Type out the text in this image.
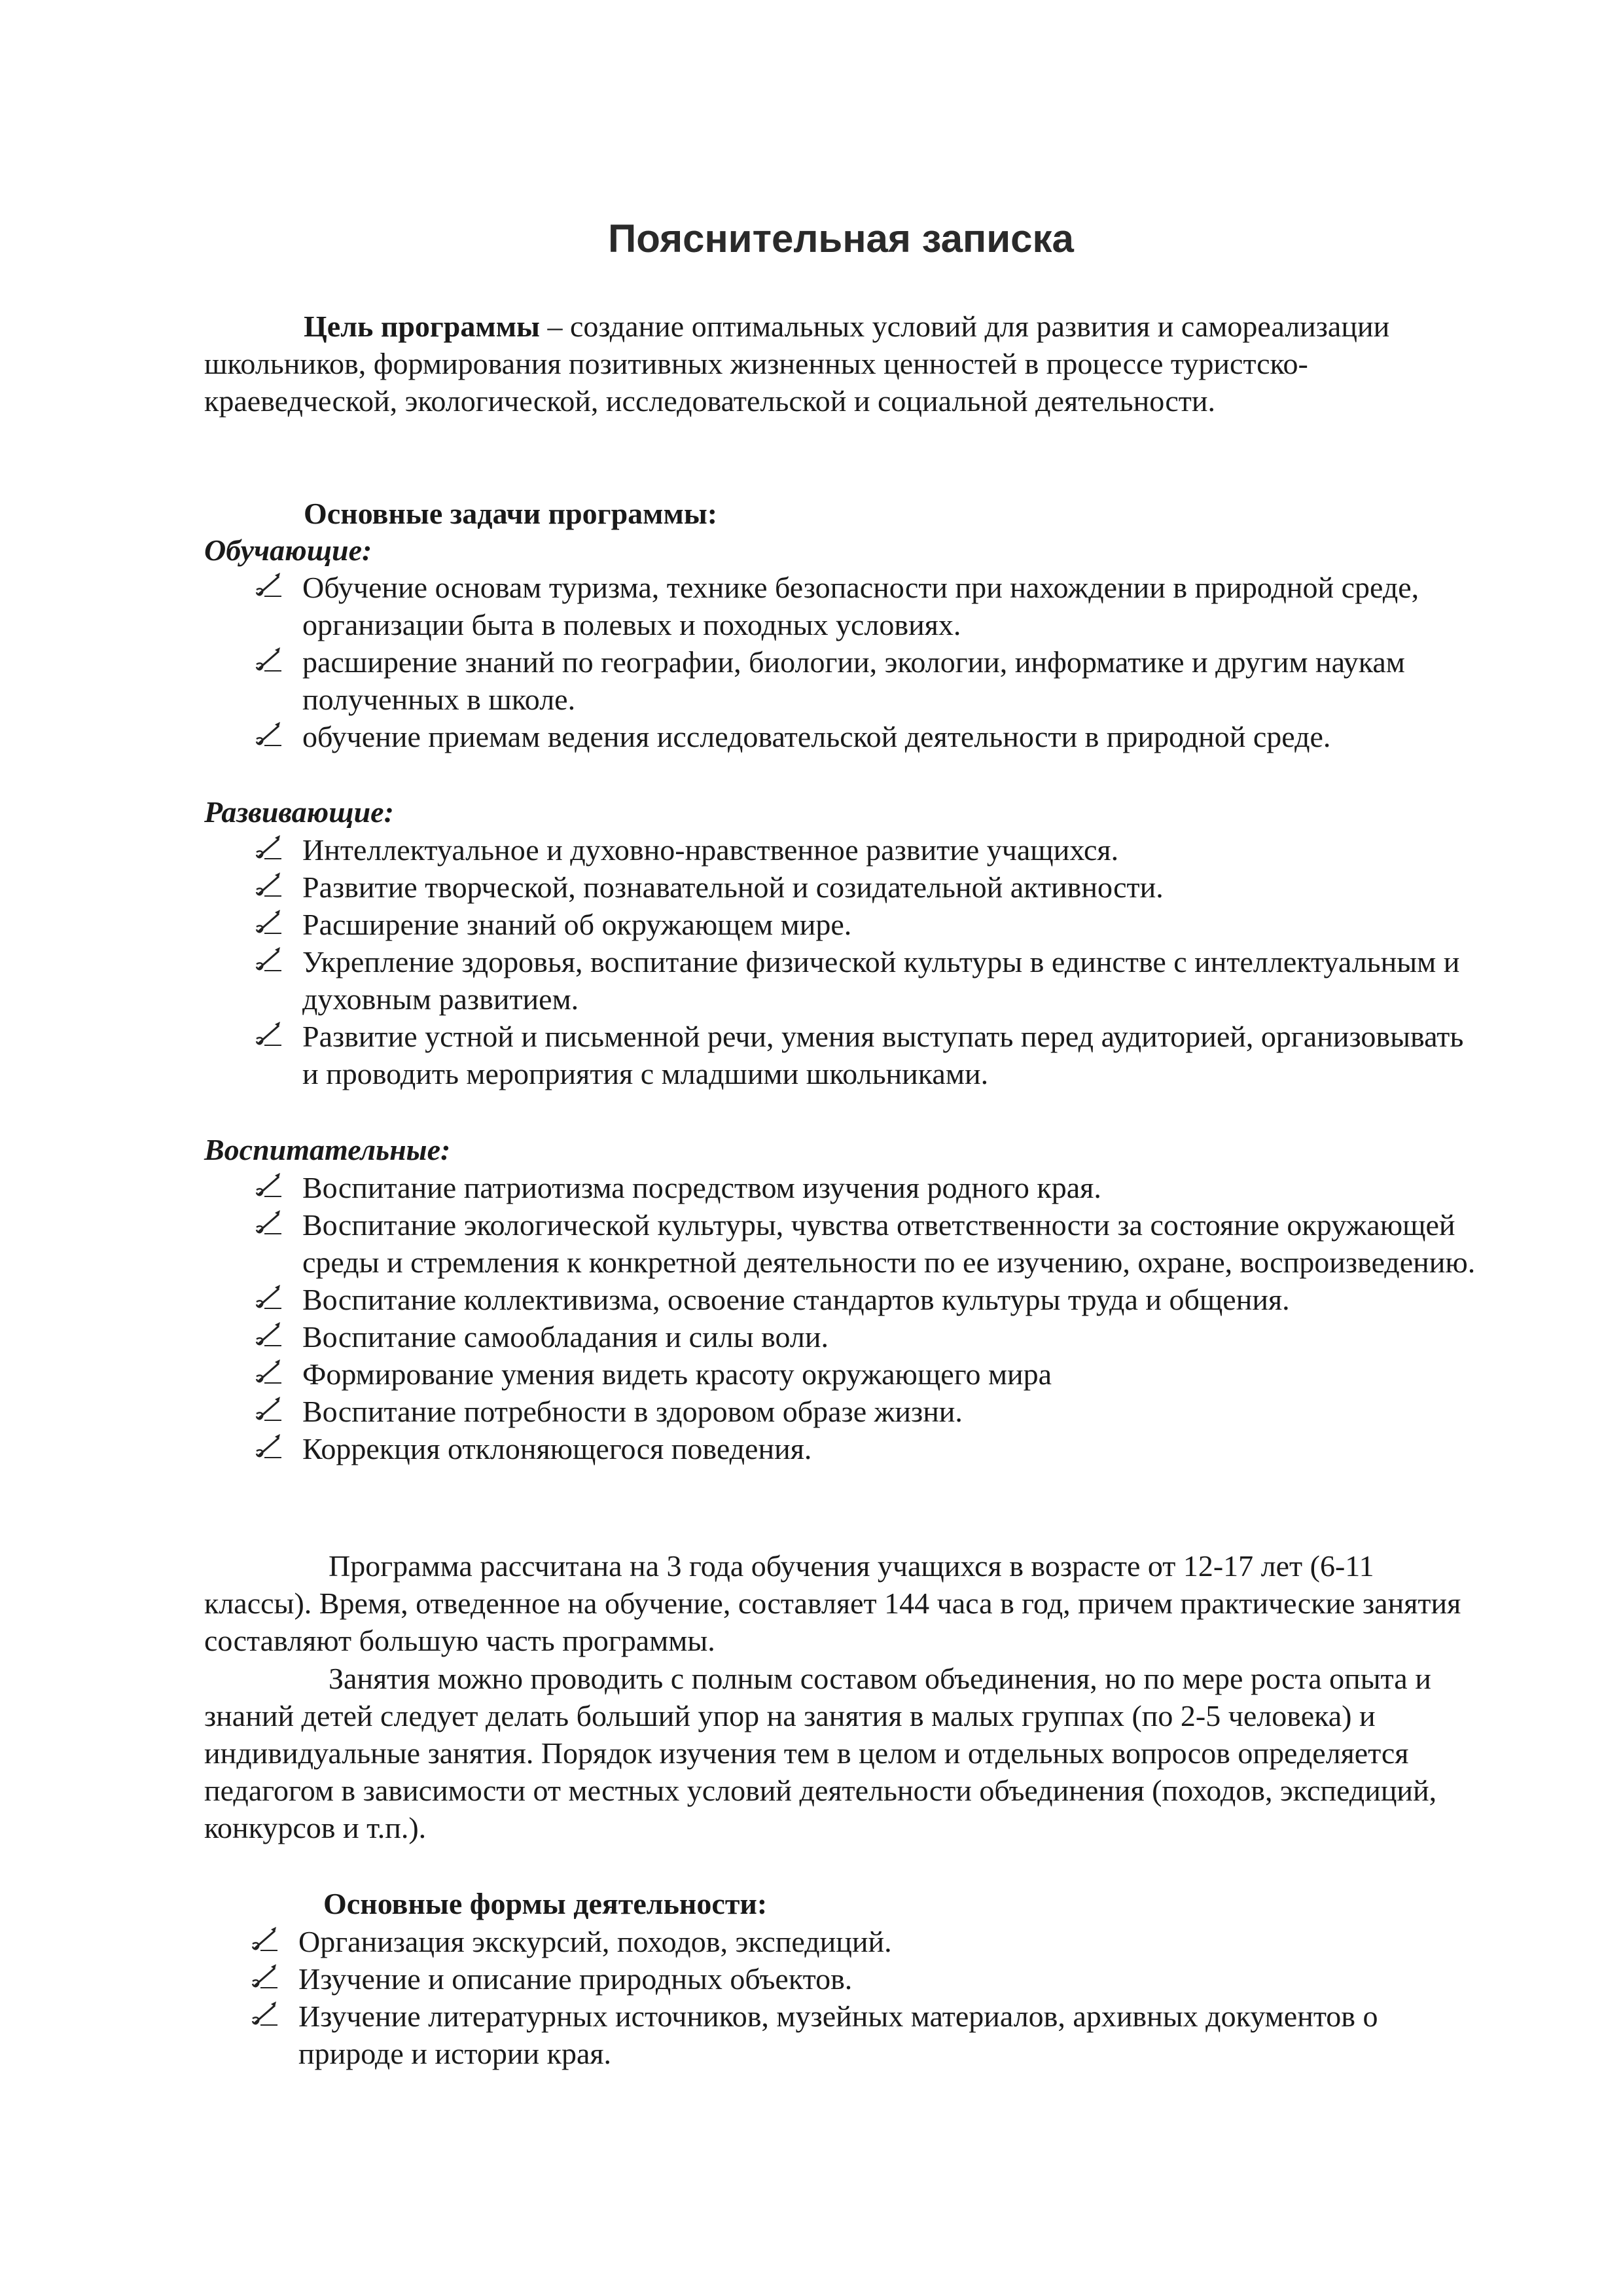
Пояснительная записка

Цель программы – создание оптимальных условий для развития и самореализации школьников, формирования позитивных жизненных ценностей в процессе туристско-краеведческой, экологической, исследовательской и социальной деятельности.

Основные задачи программы:

Обучающие:

Обучение основам туризма, технике безопасности при нахождении в природной среде, организации быта в полевых и походных условиях.
расширение знаний по географии, биологии, экологии, информатике и другим наукам полученных в школе.
обучение приемам ведения исследовательской деятельности в природной среде.

Развивающие:

Интеллектуальное и духовно-нравственное развитие учащихся.
Развитие творческой, познавательной и созидательной активности.
Расширение знаний об окружающем мире.
Укрепление здоровья, воспитание физической культуры в единстве с интеллектуальным и духовным развитием.
Развитие устной и письменной речи, умения выступать перед аудиторией, организовывать и проводить мероприятия с младшими школьниками.

Воспитательные:

Воспитание патриотизма посредством изучения родного края.
Воспитание экологической культуры, чувства ответственности за состояние окружающей среды и стремления к конкретной деятельности по ее изучению, охране, воспроизведению.
Воспитание коллективизма, освоение стандартов культуры труда и общения.
Воспитание самообладания и силы воли.
Формирование умения видеть красоту окружающего мира
Воспитание потребности в здоровом образе жизни.
Коррекция отклоняющегося поведения.

Программа рассчитана на 3 года обучения учащихся в возрасте от 12-17 лет (6-11 классы). Время, отведенное на обучение, составляет 144 часа в год, причем практические занятия составляют большую часть программы.

Занятия можно проводить с полным составом объединения, но по мере роста опыта и знаний детей следует делать больший упор на занятия в малых группах (по 2-5 человека) и индивидуальные занятия. Порядок изучения тем в целом и отдельных вопросов определяется педагогом в зависимости от местных условий деятельности объединения (походов, экспедиций, конкурсов и т.п.).

Основные формы деятельности:

Организация экскурсий, походов, экспедиций.
Изучение и описание природных объектов.
Изучение литературных источников, музейных материалов, архивных документов о природе и истории края.
